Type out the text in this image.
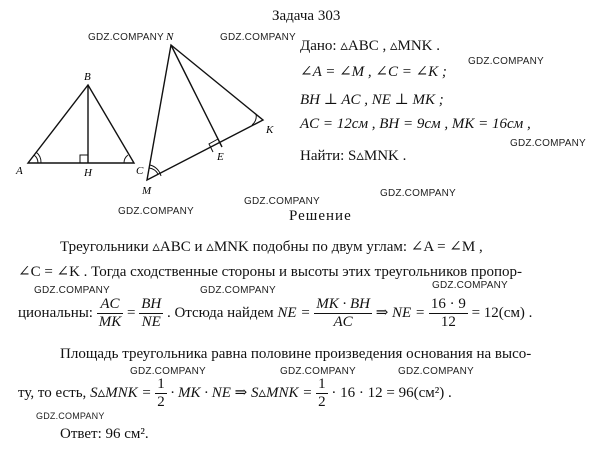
Задача 303
GDZ.COMPANY	GDZ.COMPANY
GDZ.COMPANY
GDZ.COMPANY
GDZ.COMPANY
GDZ.COMPANY
GDZ.COMPANY
GDZ.COMPANY	GDZ.COMPANY	GDZ.COMPANY
GDZ.COMPANY	GDZ.COMPANY	GDZ.COMPANY
GDZ.COMPANY
B
A	C
H
N
M
K
E
Дано: ▵ABC , ▵MNK .
∠A = ∠M , ∠C = ∠K ;
BH ⊥ AC , NE ⊥ MK ;
AC = 12см , BH = 9см , MK = 16см ,
Найти: S▵MNK .
Решение
Треугольники ▵ABC и ▵MNK подобны по двум углам: ∠A = ∠M ,
∠C = ∠K . Тогда сходственные стороны и высоты этих треугольников пропор-
циональны: $\frac{AC}{MK} = \frac{BH}{NE}$ . Отсюда найдем NE = $\frac{MK \cdot BH}{AC}$ ⇒ NE = $\frac{16 \cdot 9}{12} = 12(см)$ .
Площадь треугольника равна половине произведения основания на высо-
ту, то есть, S▵MNK = $\frac{1}{2}$ · MK · NE ⇒ S▵MNK = $\frac{1}{2} \cdot 16 \cdot 12 = 96(см^2)$ .
Ответ: 96 см².
